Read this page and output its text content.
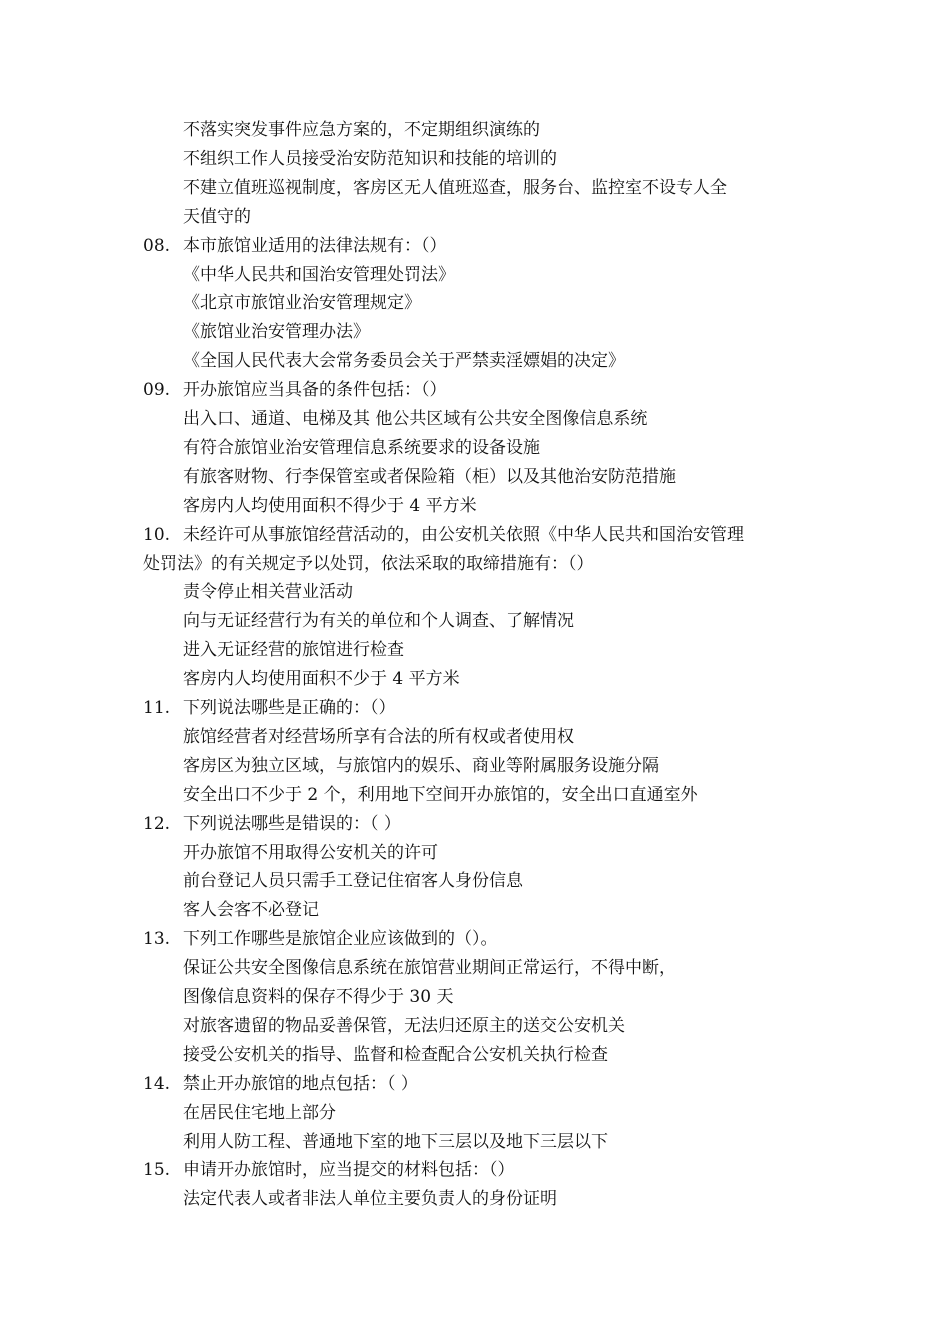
不落实突发事件应急方案的，不定期组织演练的
不组织工作人员接受治安防范知识和技能的培训的
不建立值班巡视制度，客房区无人值班巡查，服务台、监控室不设专人全
天值守的
08. 本市旅馆业适用的法律法规有：（）
《中华人民共和国治安管理处罚法》
《北京市旅馆业治安管理规定》
《旅馆业治安管理办法》
《全国人民代表大会常务委员会关于严禁卖淫嫖娼的决定》
09. 开办旅馆应当具备的条件包括：（）
出入口、通道、电梯及其 他公共区域有公共安全图像信息系统
有符合旅馆业治安管理信息系统要求的设备设施
有旅客财物、行李保管室或者保险箱（柜）以及其他治安防范措施
客房内人均使用面积不得少于 4 平方米
10. 未经许可从事旅馆经营活动的，由公安机关依照《中华人民共和国治安管理
处罚法》的有关规定予以处罚，依法采取的取缔措施有：（）
责令停止相关营业活动
向与无证经营行为有关的单位和个人调查、了解情况
进入无证经营的旅馆进行检查
客房内人均使用面积不少于 4 平方米
11. 下列说法哪些是正确的：（）
旅馆经营者对经营场所享有合法的所有权或者使用权
客房区为独立区域，与旅馆内的娱乐、商业等附属服务设施分隔
安全出口不少于 2 个，利用地下空间开办旅馆的，安全出口直通室外
12. 下列说法哪些是错误的：（ ）
开办旅馆不用取得公安机关的许可
前台登记人员只需手工登记住宿客人身份信息
客人会客不必登记
13. 下列工作哪些是旅馆企业应该做到的（）。
保证公共安全图像信息系统在旅馆营业期间正常运行，不得中断，
图像信息资料的保存不得少于 30 天
对旅客遗留的物品妥善保管，无法归还原主的送交公安机关
接受公安机关的指导、监督和检查配合公安机关执行检查
14. 禁止开办旅馆的地点包括：（ ）
在居民住宅地上部分
利用人防工程、普通地下室的地下三层以及地下三层以下
15. 申请开办旅馆时，应当提交的材料包括：（）
法定代表人或者非法人单位主要负责人的身份证明
